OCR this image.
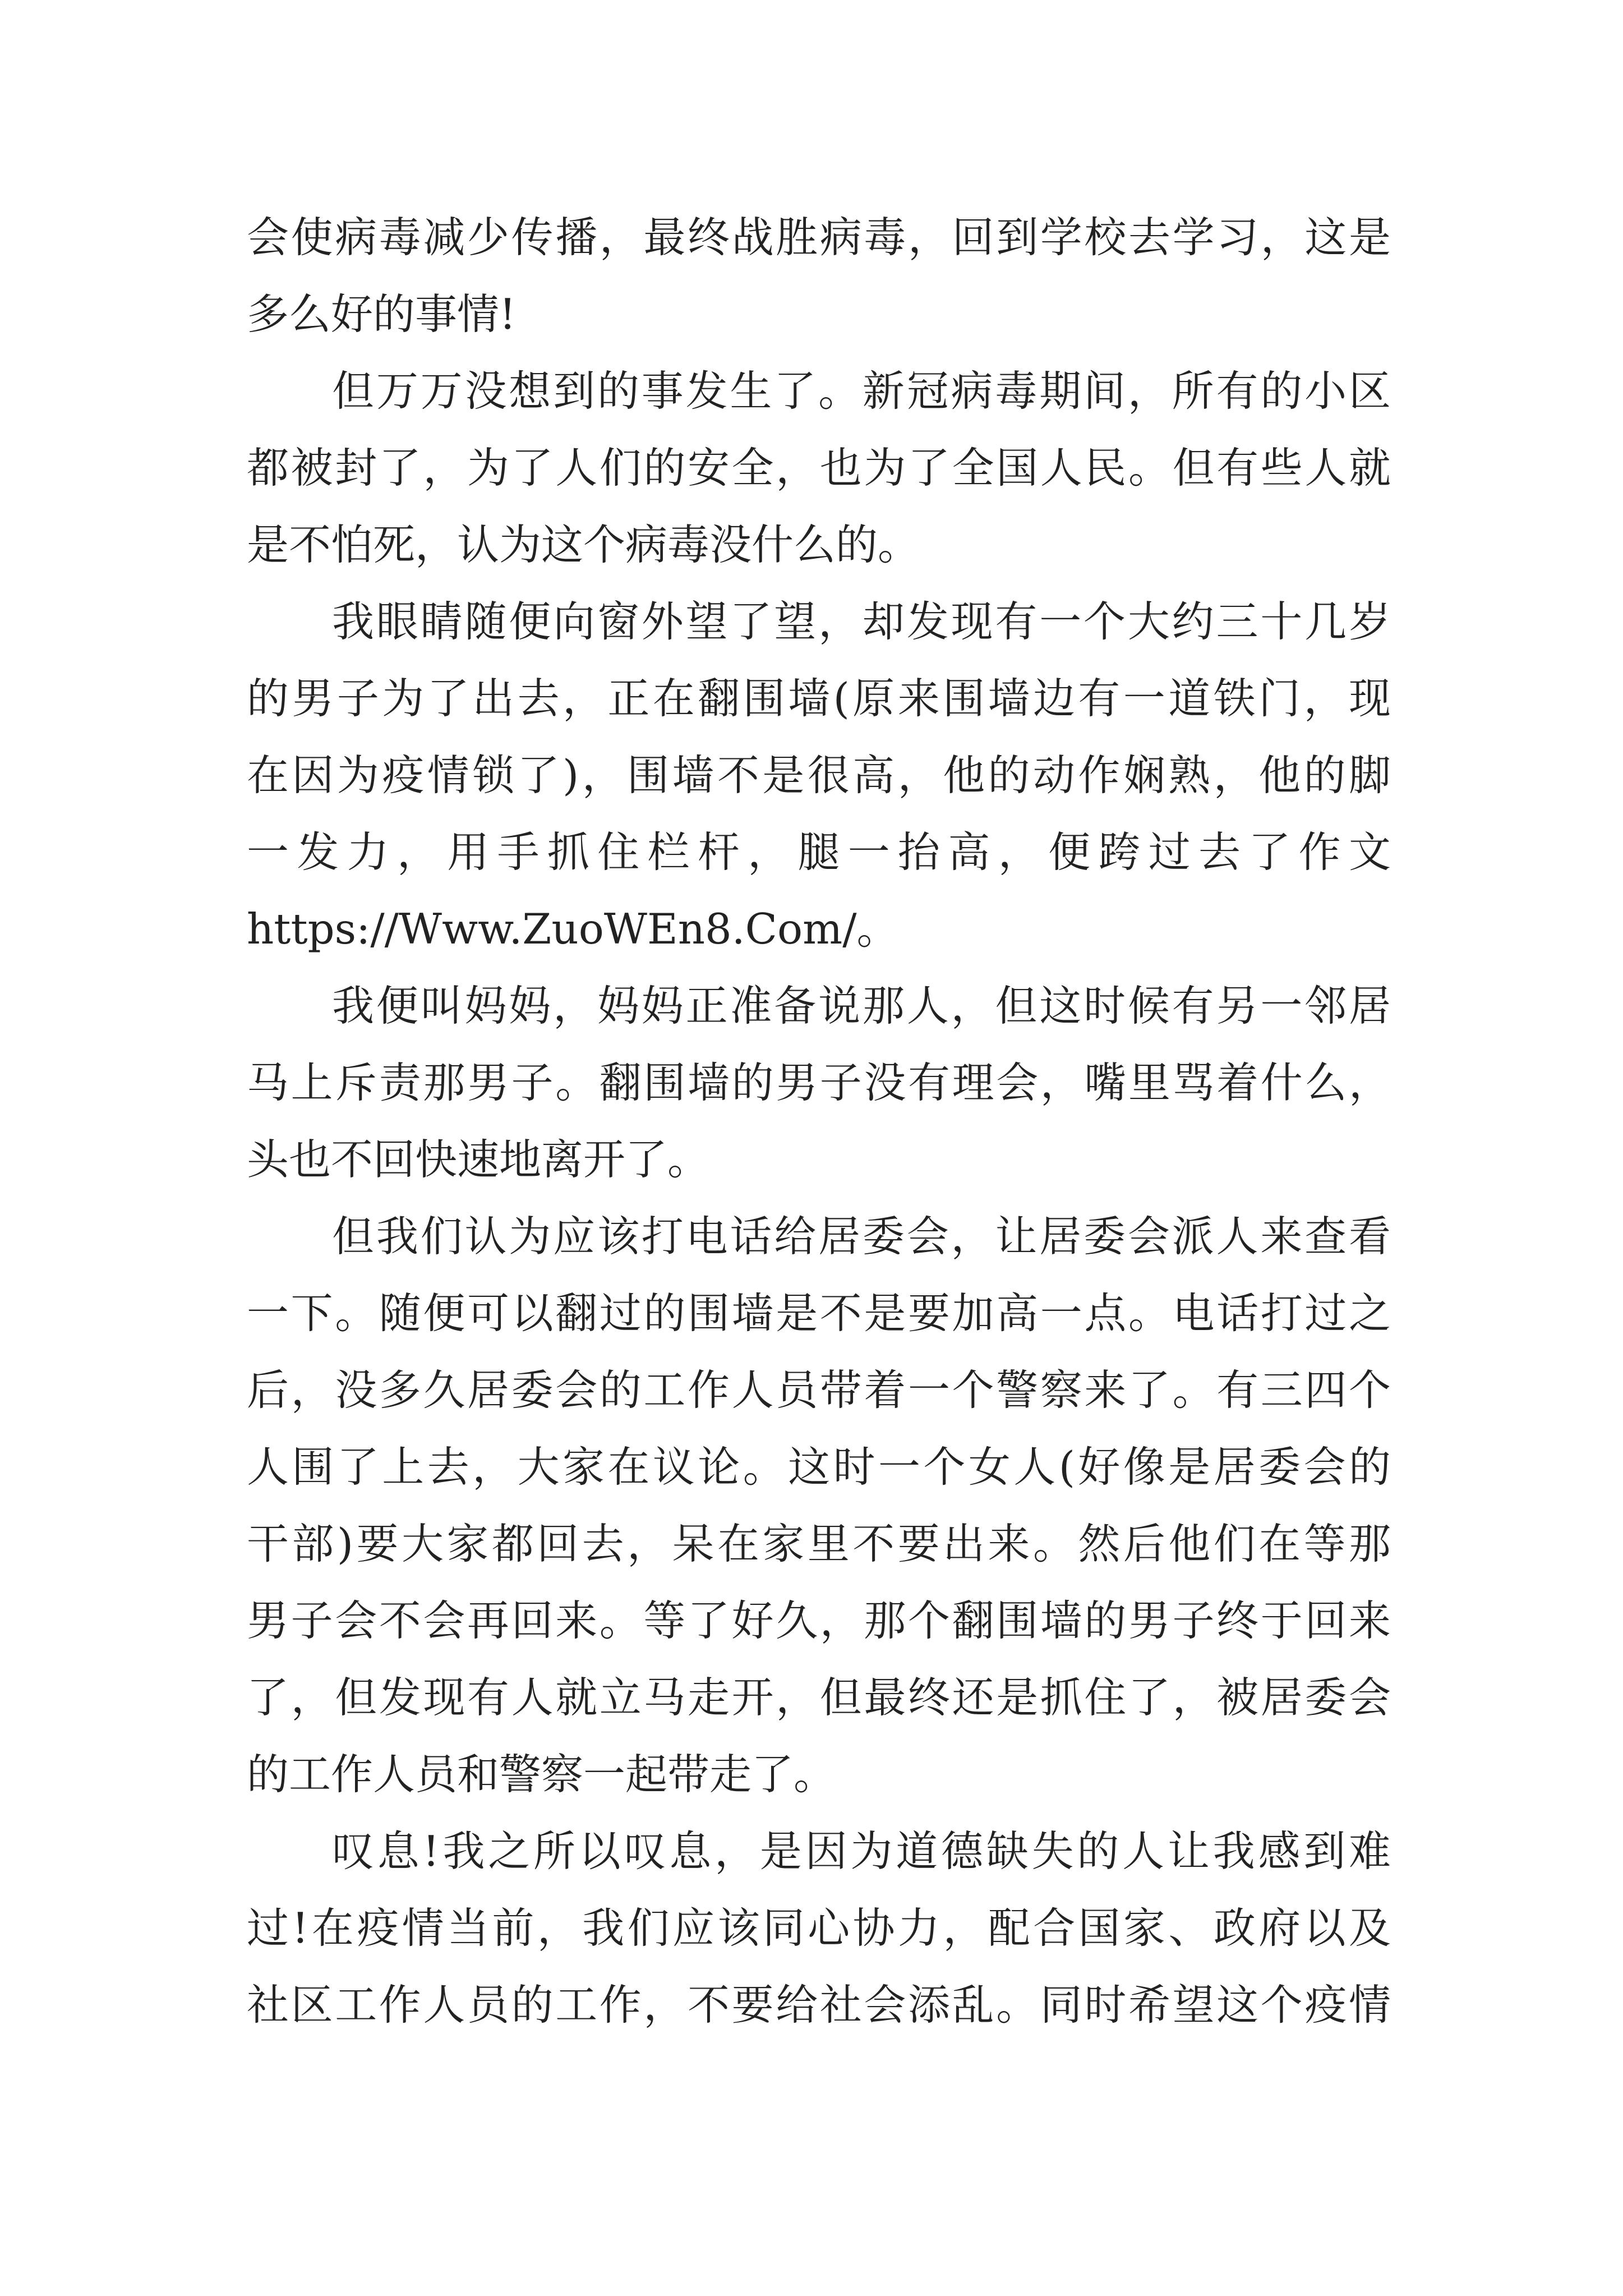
会使病毒减少传播，最终战胜病毒，回到学校去学习，这是
多么好的事情!
但万万没想到的事发生了。新冠病毒期间，所有的小区
都被封了，为了人们的安全，也为了全国人民。但有些人就
是不怕死，认为这个病毒没什么的。
我眼睛随便向窗外望了望，却发现有一个大约三十几岁
的男子为了出去，正在翻围墙(原来围墙边有一道铁门，现
在因为疫情锁了)，围墙不是很高，他的动作娴熟，他的脚
一发力，用手抓住栏杆，腿一抬高，便跨过去了作文
https://Www.ZuoWEn8.Com/。
我便叫妈妈，妈妈正准备说那人，但这时候有另一邻居
马上斥责那男子。翻围墙的男子没有理会，嘴里骂着什么，
头也不回快速地离开了。
但我们认为应该打电话给居委会，让居委会派人来查看
一下。随便可以翻过的围墙是不是要加高一点。电话打过之
后，没多久居委会的工作人员带着一个警察来了。有三四个
人围了上去，大家在议论。这时一个女人(好像是居委会的
干部)要大家都回去，呆在家里不要出来。然后他们在等那
男子会不会再回来。等了好久，那个翻围墙的男子终于回来
了，但发现有人就立马走开，但最终还是抓住了，被居委会
的工作人员和警察一起带走了。
叹息!我之所以叹息，是因为道德缺失的人让我感到难
过!在疫情当前，我们应该同心协力，配合国家、政府以及
社区工作人员的工作，不要给社会添乱。同时希望这个疫情
